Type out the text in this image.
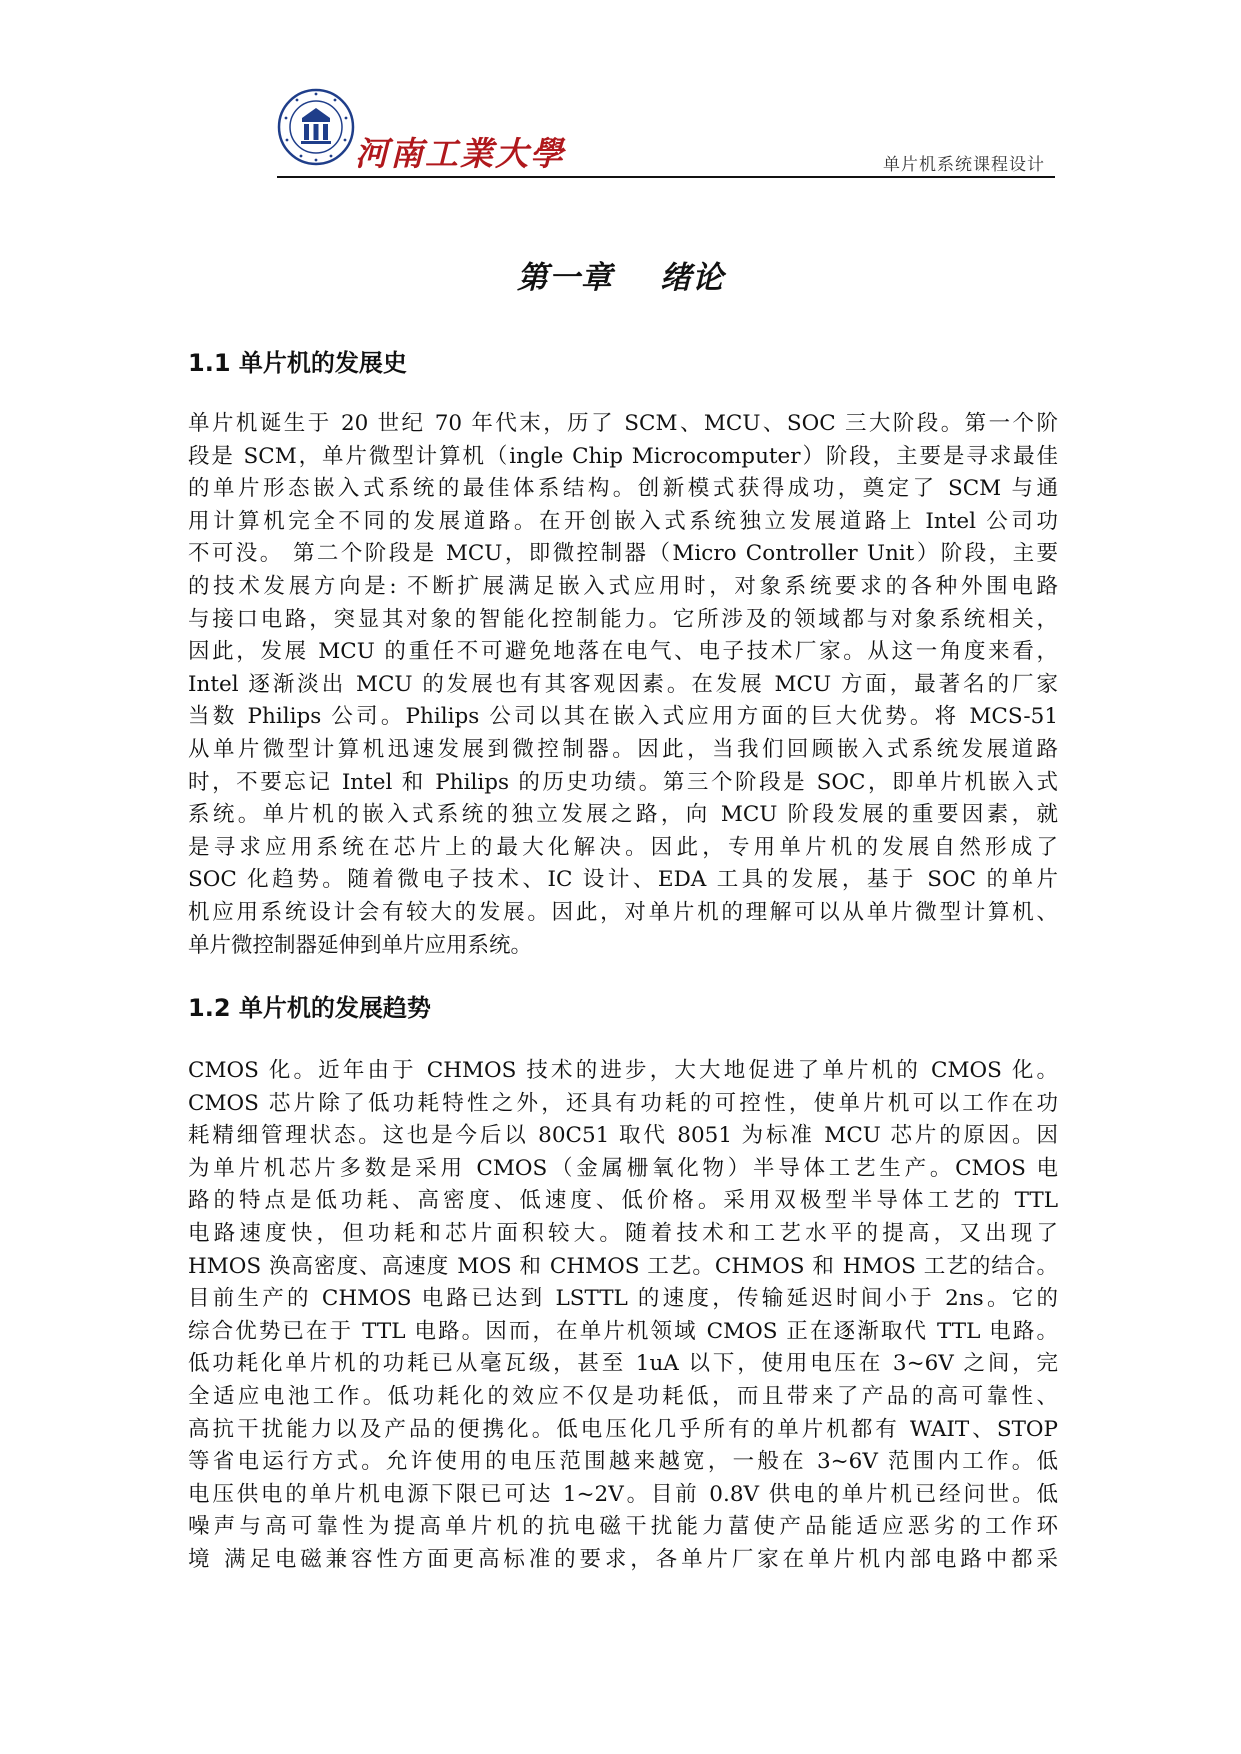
河南工業大學	单片机系统课程设计
第一章    绪论
1.1 单片机的发展史
单片机诞生于 20 世纪 70 年代末，历了 SCM、MCU、SOC 三大阶段。第一个阶
段是 SCM，单片微型计算机（ingle Chip Microcomputer）阶段，主要是寻求最佳
的单片形态嵌入式系统的最佳体系结构。创新模式获得成功，奠定了 SCM 与通
用计算机完全不同的发展道路。在开创嵌入式系统独立发展道路上 Intel 公司功
不可没。 第二个阶段是 MCU，即微控制器（Micro Controller Unit）阶段，主要
的技术发展方向是: 不断扩展满足嵌入式应用时，对象系统要求的各种外围电路
与接口电路，突显其对象的智能化控制能力。它所涉及的领域都与对象系统相关，
因此，发展 MCU 的重任不可避免地落在电气、电子技术厂家。从这一角度来看，
Intel 逐渐淡出 MCU 的发展也有其客观因素。在发展 MCU 方面，最著名的厂家
当数 Philips 公司。Philips 公司以其在嵌入式应用方面的巨大优势。将 MCS-51
从单片微型计算机迅速发展到微控制器。因此，当我们回顾嵌入式系统发展道路
时，不要忘记 Intel 和 Philips 的历史功绩。第三个阶段是 SOC，即单片机嵌入式
系统。单片机的嵌入式系统的独立发展之路，向 MCU 阶段发展的重要因素，就
是寻求应用系统在芯片上的最大化解决。因此，专用单片机的发展自然形成了
SOC 化趋势。随着微电子技术、IC 设计、EDA 工具的发展，基于 SOC 的单片
机应用系统设计会有较大的发展。因此，对单片机的理解可以从单片微型计算机、
单片微控制器延伸到单片应用系统。
1.2 单片机的发展趋势
CMOS 化。近年由于 CHMOS 技术的进步，大大地促进了单片机的 CMOS 化。
CMOS 芯片除了低功耗特性之外，还具有功耗的可控性，使单片机可以工作在功
耗精细管理状态。这也是今后以 80C51 取代 8051 为标准 MCU 芯片的原因。因
为单片机芯片多数是采用 CMOS（金属栅氧化物）半导体工艺生产。CMOS 电
路的特点是低功耗、高密度、低速度、低价格。采用双极型半导体工艺的 TTL
电路速度快，但功耗和芯片面积较大。随着技术和工艺水平的提高，又出现了
HMOS 涣高密度、高速度 MOS 和 CHMOS 工艺。CHMOS 和 HMOS 工艺的结合。
目前生产的 CHMOS 电路已达到 LSTTL 的速度，传输延迟时间小于 2ns。它的
综合优势已在于 TTL 电路。因而，在单片机领域 CMOS 正在逐渐取代 TTL 电路。
低功耗化单片机的功耗已从毫瓦级，甚至 1uA 以下，使用电压在 3~6V 之间，完
全适应电池工作。低功耗化的效应不仅是功耗低，而且带来了产品的高可靠性、
高抗干扰能力以及产品的便携化。低电压化几乎所有的单片机都有 WAIT、STOP
等省电运行方式。允许使用的电压范围越来越宽，一般在 3~6V 范围内工作。低
电压供电的单片机电源下限已可达 1~2V。目前 0.8V 供电的单片机已经问世。低
噪声与高可靠性为提高单片机的抗电磁干扰能力葍使产品能适应恶劣的工作环
境 满足电磁兼容性方面更高标准的要求，各单片厂家在单片机内部电路中都采
